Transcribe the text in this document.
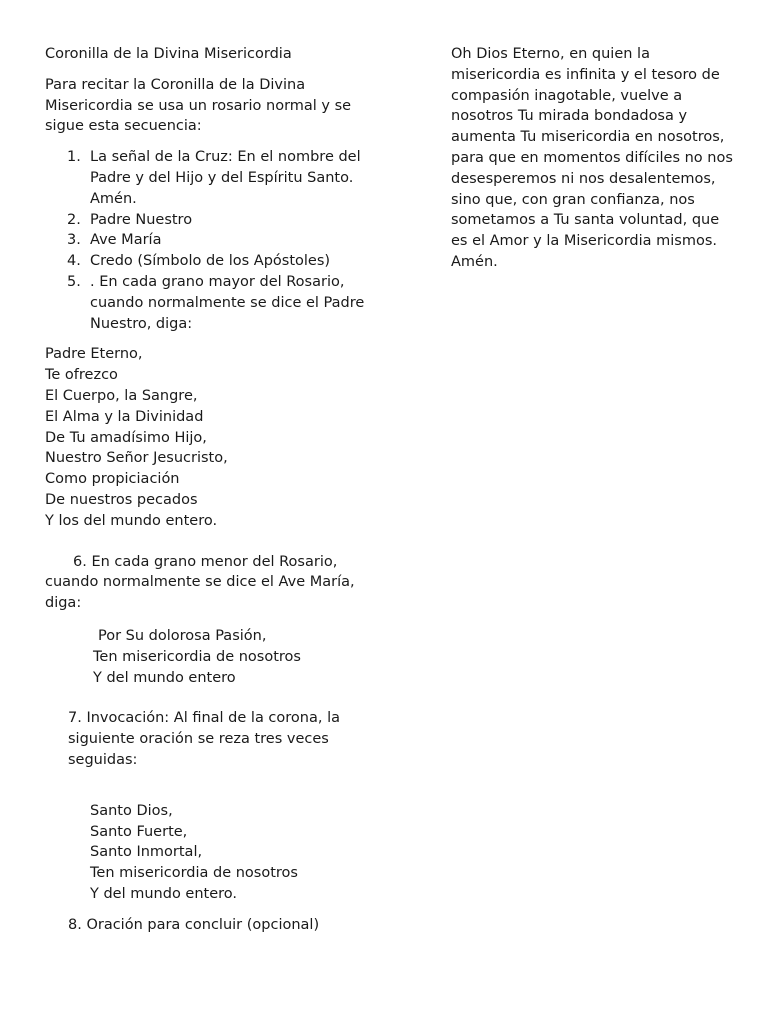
Coronilla de la Divina Misericordia

Para recitar la Coronilla de la Divina Misericordia se usa un rosario normal y se sigue esta secuencia:

1. La señal de la Cruz: En el nombre del Padre y del Hijo y del Espíritu Santo. Amén.
2. Padre Nuestro
3. Ave María
4. Credo (Símbolo de los Apóstoles)
5. . En cada grano mayor del Rosario, cuando normalmente se dice el Padre Nuestro, diga:
Padre Eterno,
Te ofrezco
El Cuerpo, la Sangre,
El Alma y la Divinidad
De Tu amadísimo Hijo,
Nuestro Señor Jesucristo,
Como propiciación
De nuestros pecados
Y los del mundo entero.

6. En cada grano menor del Rosario, cuando normalmente se dice el Ave María, diga:

Por Su dolorosa Pasión,
Ten misericordia de nosotros
Y del mundo entero

7. Invocación: Al final de la corona, la siguiente oración se reza tres veces seguidas:

Santo Dios,
Santo Fuerte,
Santo Inmortal,
Ten misericordia de nosotros
Y del mundo entero.

8. Oración para concluir (opcional)

Oh Dios Eterno, en quien la misericordia es infinita y el tesoro de compasión inagotable, vuelve a nosotros Tu mirada bondadosa y aumenta Tu misericordia en nosotros, para que en momentos difíciles no nos desesperemos ni nos desalentemos, sino que, con gran confianza, nos sometamos a Tu santa voluntad, que es el Amor y la Misericordia mismos. Amén.
